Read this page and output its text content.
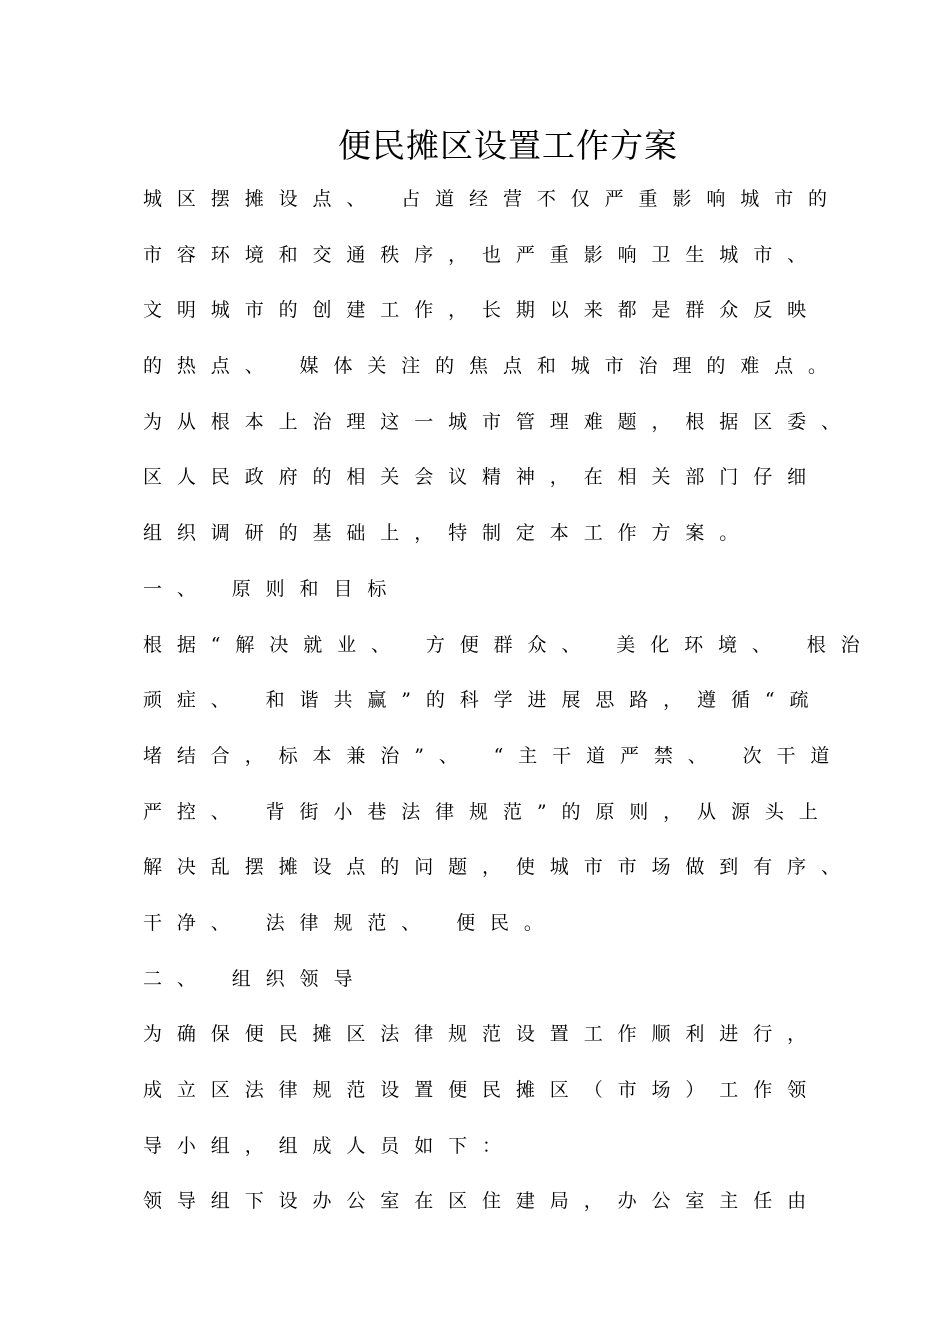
便民摊区设置工作方案
城区摆摊设点、 占道经营不仅严重影响城市的
市容环境和交通秩序，也严重影响卫生城市、
文明城市的创建工作，长期以来都是群众反映
的热点、 媒体关注的焦点和城市治理的难点。
为从根本上治理这一城市管理难题，根据区委、
区人民政府的相关会议精神，在相关部门仔细
组织调研的基础上，特制定本工作方案。
一、 原则和目标
根据“解决就业、 方便群众、 美化环境、 根治
顽症、 和谐共赢”的科学进展思路，遵循“疏
堵结合，标本兼治”、 “主干道严禁、 次干道
严控、 背街小巷法律规范”的原则，从源头上
解决乱摆摊设点的问题，使城市市场做到有序、
干净、 法律规范、 便民。
二、 组织领导
为确保便民摊区法律规范设置工作顺利进行，
成立区法律规范设置便民摊区（市场）工作领
导小组，组成人员如下：
领导组下设办公室在区住建局，办公室主任由
